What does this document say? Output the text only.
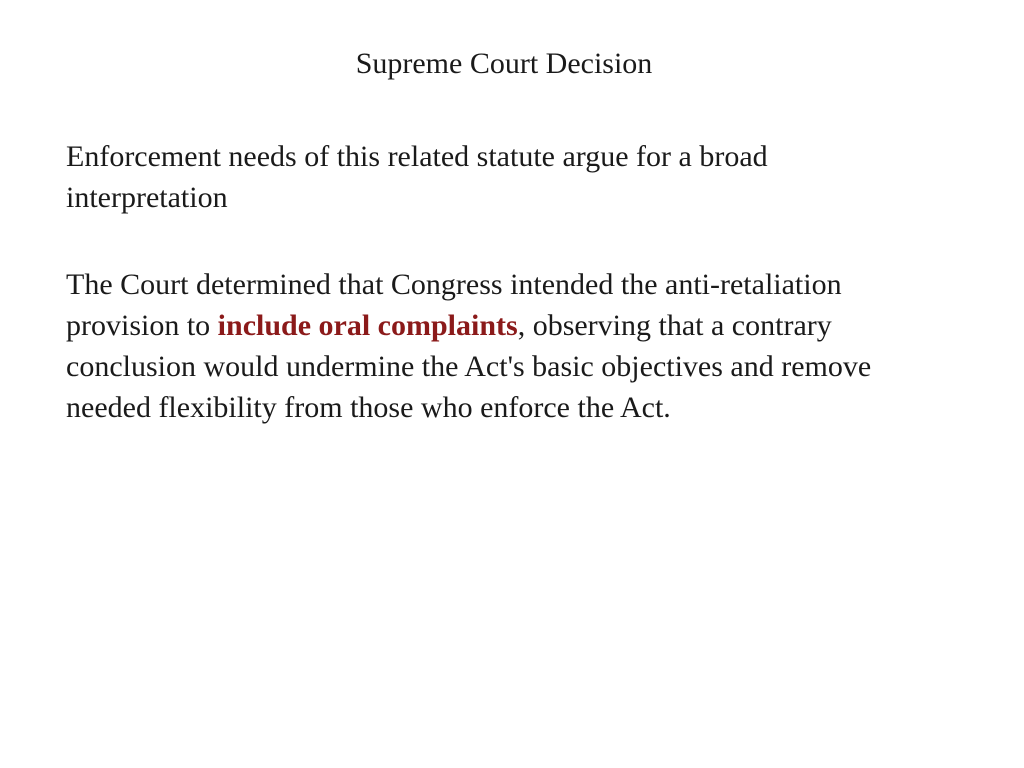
Supreme Court Decision

Enforcement needs of this related statute argue for a broad interpretation

The Court determined that Congress intended the anti-retaliation provision to include oral complaints, observing that a contrary conclusion would undermine the Act's basic objectives and remove needed flexibility from those who enforce the Act.
